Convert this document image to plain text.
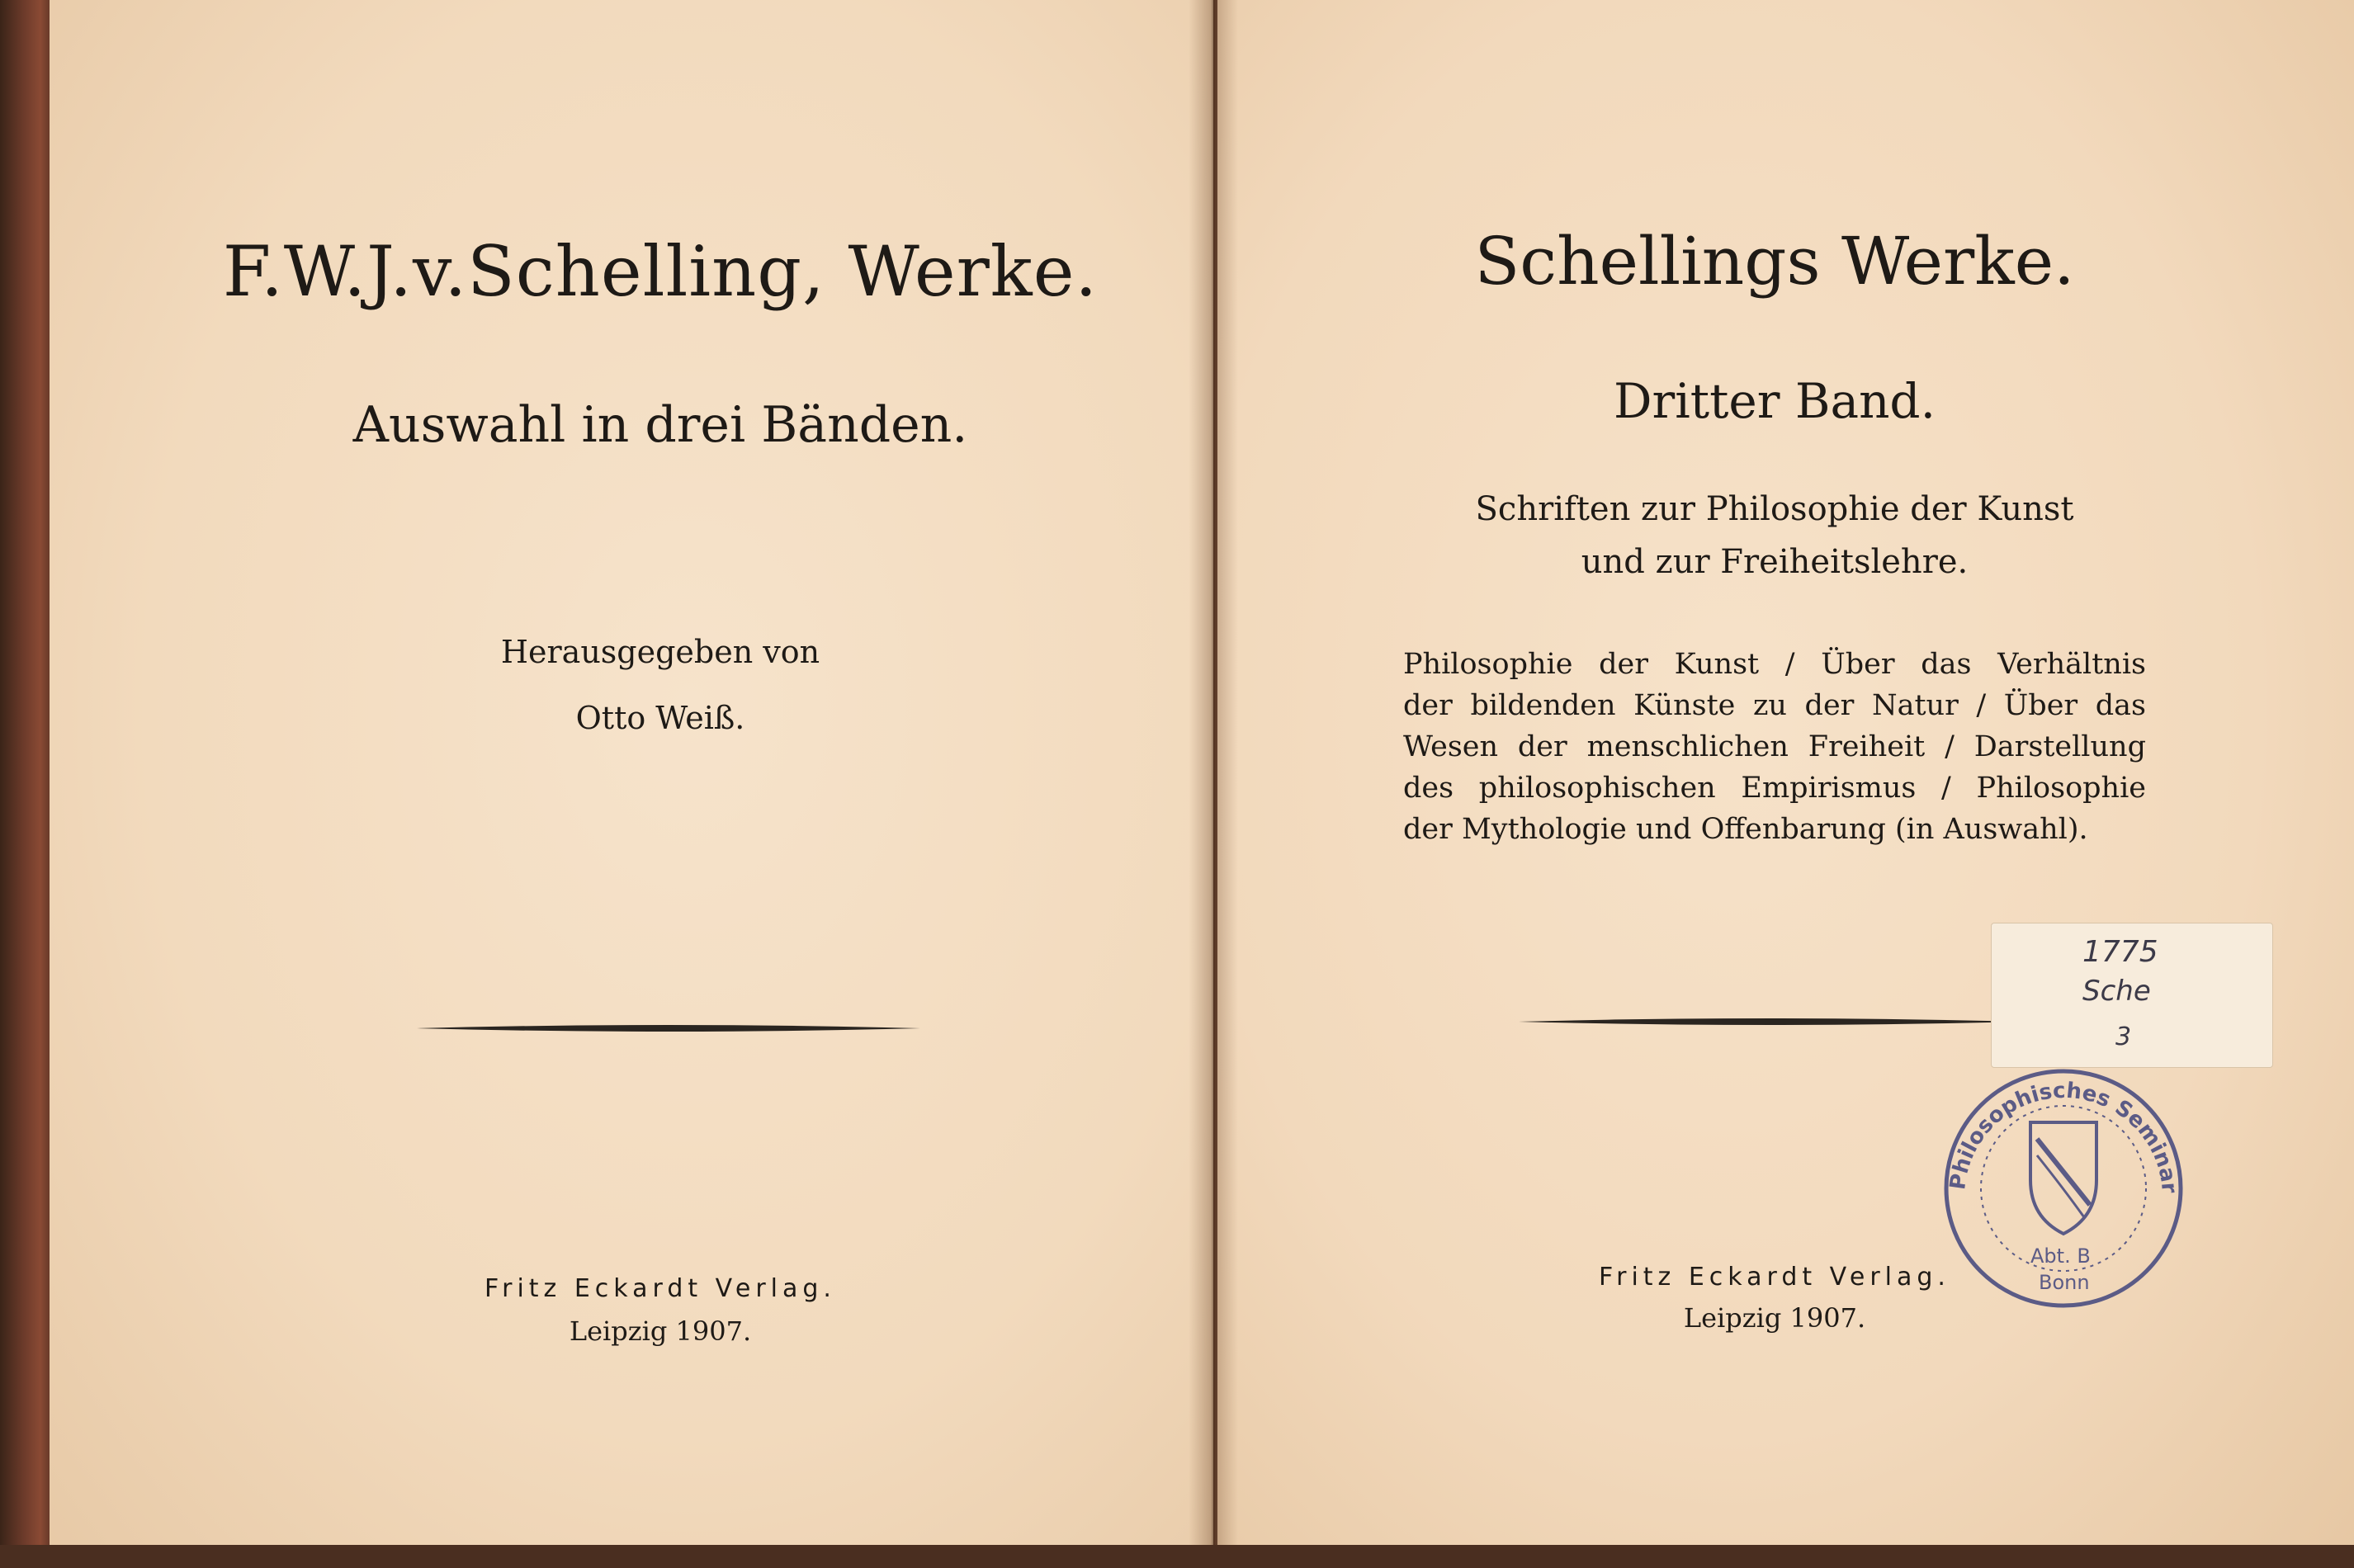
F.W.J.v.Schelling, Werke.
Auswahl in drei Bänden.
Herausgegeben von
Otto Weiß.
Fritz Eckardt Verlag.
Leipzig 1907.
Schellings Werke.
Dritter Band.
Schriften zur Philosophie der Kunst
und zur Freiheitslehre.
Philosophie der Kunst / Über das Verhältnis
der bildenden Künste zu der Natur / Über das
Wesen der menschlichen Freiheit / Darstellung
des philosophischen Empirismus / Philosophie
der Mythologie und Offenbarung (in Auswahl).
Fritz Eckardt Verlag.
Leipzig 1907.
1775
Sche
3
Philosophisches Seminar
Abt. B
Bonn
